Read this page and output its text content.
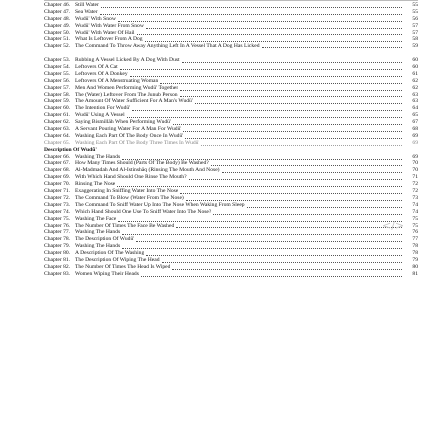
</>
Chapter 46. Still Water	55
Chapter 47. Sea Water	55
Chapter 48. Wudū' With Snow	56
Chapter 49. Wudū' With Water From Snow	57
Chapter 50. Wudū' With Water Of Hail	57
Chapter 51. What Is Leftover From A Dog	58
Chapter 52. The Command To Throw Away Anything Left In A Vessel That A Dog Has Licked	59
Chapter 53. Rubbing A Vessel Licked By A Dog With Dust	60
Chapter 54. Leftovers Of A Cat	60
Chapter 55. Leftovers Of A Donkey	61
Chapter 56. Leftovers Of A Menstruating Woman	62
Chapter 57. Men And Women Performing Wudū' Together	62
Chapter 58. The (Water) Leftover From The Junub Person	63
Chapter 59. The Amount Of Water Sufficient For A Man's Wudū'	63
Chapter 60. The Intention For Wudū'	64
Chapter 61. Wudū' Using A Vessel	65
Chapter 62. Saying Bismillāh When Performing Wudū'	67
Chapter 63. A Servant Pouring Water For A Man For Wudū'	68
Chapter 64. Washing Each Part Of The Body Once In Wudū'	69
Chapter 65. Washing Each Part Of The Body Three Times In Wudū'	69
Description Of Wudū'
Chapter 66. Washing The Hands	69
Chapter 67. How Many Times Should (Parts Of The Body) Be Washed?	70
Chapter 68. Al-Madmadah And Al-Istinshāq (Rinsing The Mouth And Nose)	70
Chapter 69. With Which Hand Should One Rinse The Mouth?	71
Chapter 70. Rinsing The Nose	72
Chapter 71. Exaggerating In Sniffing Water Into The Nose	72
Chapter 72. The Command To Blow (Water From The Nose)	73
Chapter 73. The Command To Sniff Water Up Into The Nose When Waking From Sleep	74
Chapter 74. Which Hand Should One Use To Sniff Water Into The Nose?	74
Chapter 75. Washing The Face	75
Chapter 76. The Number Of Times The Face Be Washed	75
Chapter 77. Washing The Hands	76
Chapter 78. The Description Of Wudū'	77
Chapter 79. Washing The Hands	78
Chapter 80. A Description Of The Washing	78
Chapter 81. The Description Of Wiping The Head	79
Chapter 82. The Number Of Times The Head Is Wiped	80
Chapter 83. Women Wiping Their Heads	81
